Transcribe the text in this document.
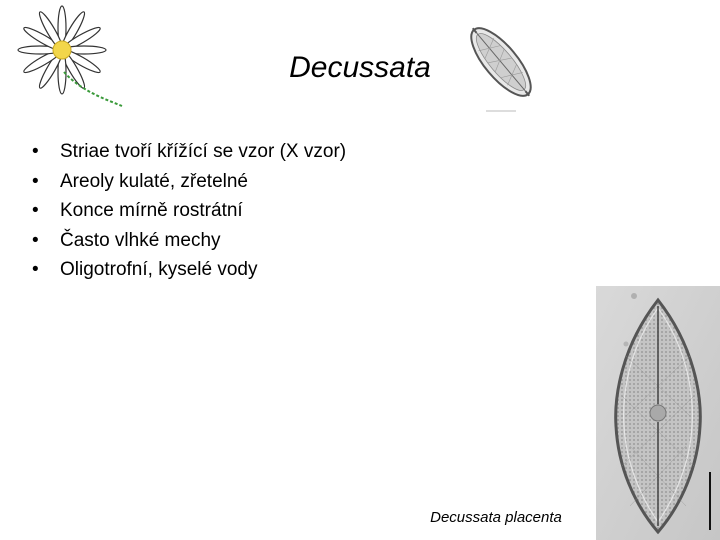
Decussata
• Striae tvoří křížící se vzor (X vzor)
• Areoly kulaté, zřetelné
• Konce mírně rostrátní
• Často vlhké mechy
• Oligotrofní, kyselé vody
Decussata placenta
